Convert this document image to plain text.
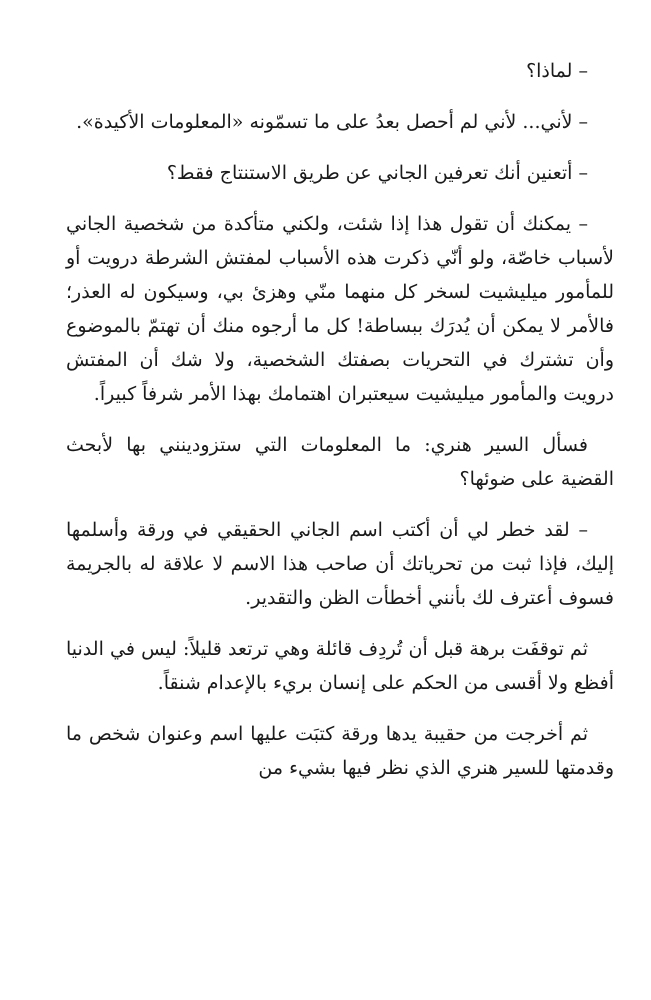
– لماذا؟

– لأني... لأني لم أحصل بعدُ على ما تسمّونه «المعلومات الأكيدة».

– أتعنين أنك تعرفين الجاني عن طريق الاستنتاج فقط؟

– يمكنك أن تقول هذا إذا شئت، ولكني متأكدة من شخصية الجاني لأسباب خاصّة، ولو أنّي ذكرت هذه الأسباب لمفتش الشرطة درويت أو للمأمور ميليشيت لسخر كل منهما منّي وهزئ بي، وسيكون له العذر؛ فالأمر لا يمكن أن يُدرَك ببساطة! كل ما أرجوه منك أن تهتمّ بالموضوع وأن تشترك في التحريات بصفتك الشخصية، ولا شك أن المفتش درويت والمأمور ميليشيت سيعتبران اهتمامك بهذا الأمر شرفاً كبيراً.

فسأل السير هنري: ما المعلومات التي ستزودينني بها لأبحث القضية على ضوئها؟

– لقد خطر لي أن أكتب اسم الجاني الحقيقي في ورقة وأسلمها إليك، فإذا ثبت من تحرياتك أن صاحب هذا الاسم لا علاقة له بالجريمة فسوف أعترف لك بأنني أخطأت الظن والتقدير.

ثم توقفَت برهة قبل أن تُردِف قائلة وهي ترتعد قليلاً: ليس في الدنيا أفظع ولا أقسى من الحكم على إنسان بريء بالإعدام شنقاً.

ثم أخرجت من حقيبة يدها ورقة كتبَت عليها اسم وعنوان شخص ما وقدمتها للسير هنري الذي نظر فيها بشيء من
